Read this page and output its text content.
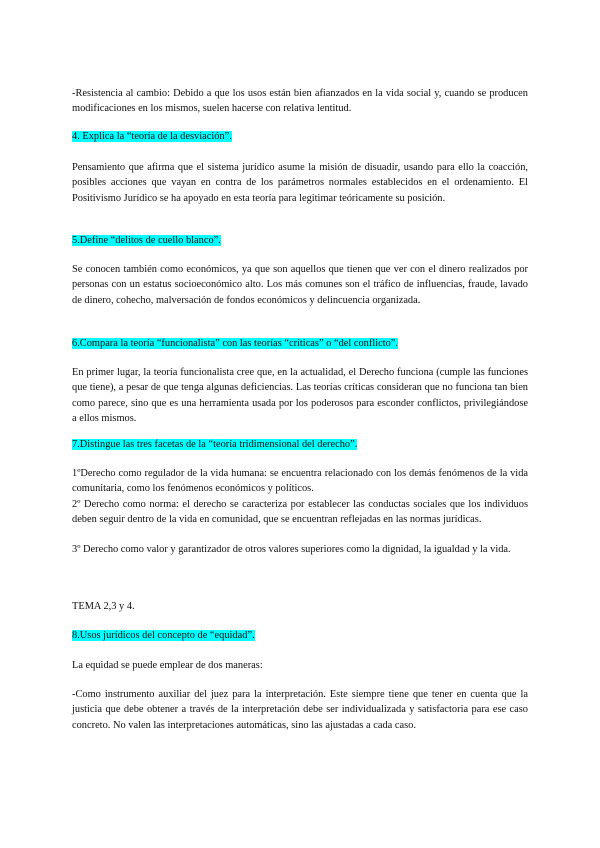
-Resistencia al cambio: Debido a que los usos están bien afianzados en la vida social y, cuando se producen modificaciones en los mismos, suelen hacerse con relativa lentitud.

4. Explica la “teoría de la desviación”.

Pensamiento que afirma que el sistema jurídico asume la misión de disuadir, usando para ello la coacción, posibles acciones que vayan en contra de los parámetros normales establecidos en el ordenamiento. El Positivismo Jurídico se ha apoyado en esta teoría para legitimar teóricamente su posición.

5.Define “delitos de cuello blanco”.

Se conocen también como económicos, ya que son aquellos que tienen que ver con el dinero realizados por personas con un estatus socioeconómico alto. Los más comunes son el tráfico de influencias, fraude, lavado de dinero, cohecho, malversación de fondos económicos y delincuencia organizada.

6.Compara la teoría “funcionalista” con las teorías “críticas” o “del conflicto”.

En primer lugar, la teoría funcionalista cree que, en la actualidad, el Derecho funciona (cumple las funciones que tiene), a pesar de que tenga algunas deficiencias. Las teorías críticas consideran que no funciona tan bien como parece, sino que es una herramienta usada por los poderosos para esconder conflictos, privilegiándose a ellos mismos.

7.Distingue las tres facetas de la “teoría tridimensional del derecho”.

1ºDerecho como regulador de la vida humana: se encuentra relacionado con los demás fenómenos de la vida comunitaria, como los fenómenos económicos y políticos.

2º Derecho como norma: el derecho se caracteriza por establecer las conductas sociales que los individuos deben seguir dentro de la vida en comunidad, que se encuentran reflejadas en las normas jurídicas.

3º Derecho como valor y garantizador de otros valores superiores como la dignidad, la igualdad y la vida.

TEMA 2,3 y 4.

8.Usos jurídicos del concepto de “equidad”.

La equidad se puede emplear de dos maneras:

-Como instrumento auxiliar del juez para la interpretación. Este siempre tiene que tener en cuenta que la justicia que debe obtener a través de la interpretación debe ser individualizada y satisfactoria para ese caso concreto. No valen las interpretaciones automáticas, sino las ajustadas a cada caso.
